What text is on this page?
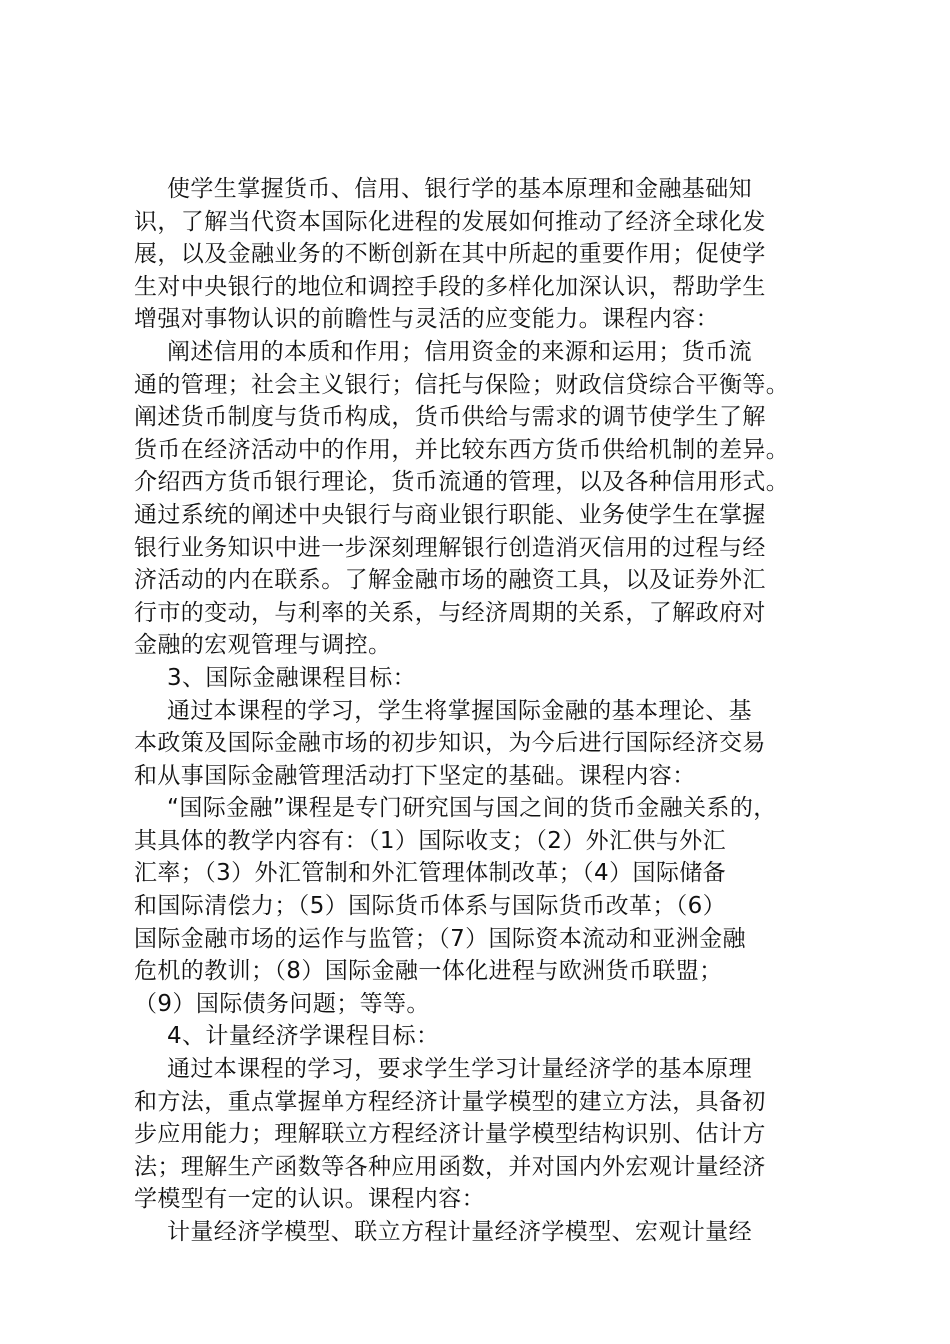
使学生掌握货币、信用、银行学的基本原理和金融基础知
识，了解当代资本国际化进程的发展如何推动了经济全球化发
展，以及金融业务的不断创新在其中所起的重要作用；促使学
生对中央银行的地位和调控手段的多样化加深认识，帮助学生
增强对事物认识的前瞻性与灵活的应变能力。课程内容：
阐述信用的本质和作用；信用资金的来源和运用；货币流
通的管理；社会主义银行；信托与保险；财政信贷综合平衡等。
阐述货币制度与货币构成，货币供给与需求的调节使学生了解
货币在经济活动中的作用，并比较东西方货币供给机制的差异。
介绍西方货币银行理论，货币流通的管理，以及各种信用形式。
通过系统的阐述中央银行与商业银行职能、业务使学生在掌握
银行业务知识中进一步深刻理解银行创造消灭信用的过程与经
济活动的内在联系。了解金融市场的融资工具，以及证券外汇
行市的变动，与利率的关系，与经济周期的关系，了解政府对
金融的宏观管理与调控。
3、国际金融课程目标：
通过本课程的学习，学生将掌握国际金融的基本理论、基
本政策及国际金融市场的初步知识，为今后进行国际经济交易
和从事国际金融管理活动打下坚定的基础。课程内容：
“国际金融”课程是专门研究国与国之间的货币金融关系的，
其具体的教学内容有：（1）国际收支；（2）外汇供与外汇
汇率；（3）外汇管制和外汇管理体制改革；（4）国际储备
和国际清偿力；（5）国际货币体系与国际货币改革；（6）
国际金融市场的运作与监管；（7）国际资本流动和亚洲金融
危机的教训；（8）国际金融一体化进程与欧洲货币联盟；
（9）国际债务问题；等等。
4、计量经济学课程目标：
通过本课程的学习，要求学生学习计量经济学的基本原理
和方法，重点掌握单方程经济计量学模型的建立方法，具备初
步应用能力；理解联立方程经济计量学模型结构识别、估计方
法；理解生产函数等各种应用函数，并对国内外宏观计量经济
学模型有一定的认识。课程内容：
计量经济学模型、联立方程计量经济学模型、宏观计量经
